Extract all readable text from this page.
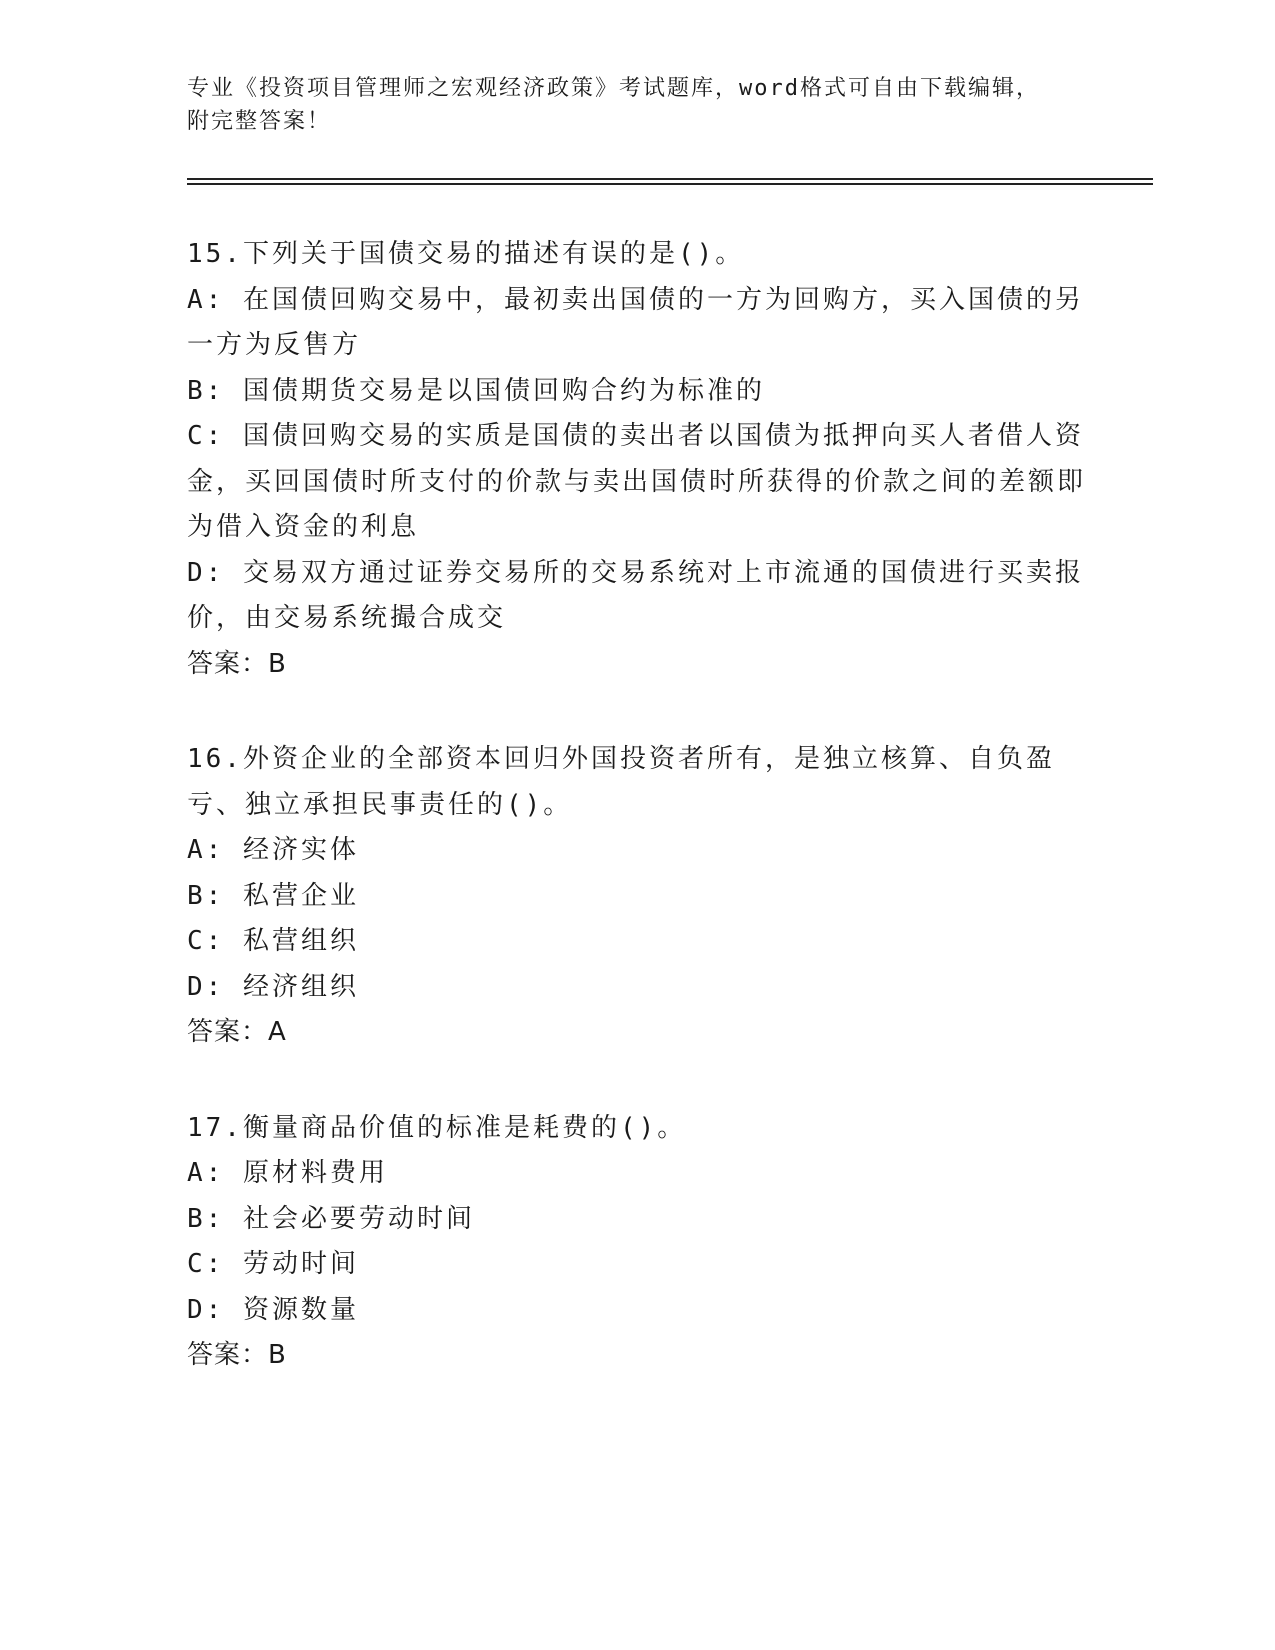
专业《投资项目管理师之宏观经济政策》考试题库，word格式可自由下载编辑，
附完整答案！
15.下列关于国债交易的描述有误的是()。
A: 在国债回购交易中，最初卖出国债的一方为回购方，买入国债的另一方为反售方
B: 国债期货交易是以国债回购合约为标准的
C: 国债回购交易的实质是国债的卖出者以国债为抵押向买人者借人资金，买回国债时所支付的价款与卖出国债时所获得的价款之间的差额即为借入资金的利息
D: 交易双方通过证券交易所的交易系统对上市流通的国债进行买卖报价，由交易系统撮合成交
答案：B
16.外资企业的全部资本回归外国投资者所有，是独立核算、自负盈亏、独立承担民事责任的()。
A: 经济实体
B: 私营企业
C: 私营组织
D: 经济组织
答案：A
17.衡量商品价值的标准是耗费的()。
A: 原材料费用
B: 社会必要劳动时间
C: 劳动时间
D: 资源数量
答案：B
